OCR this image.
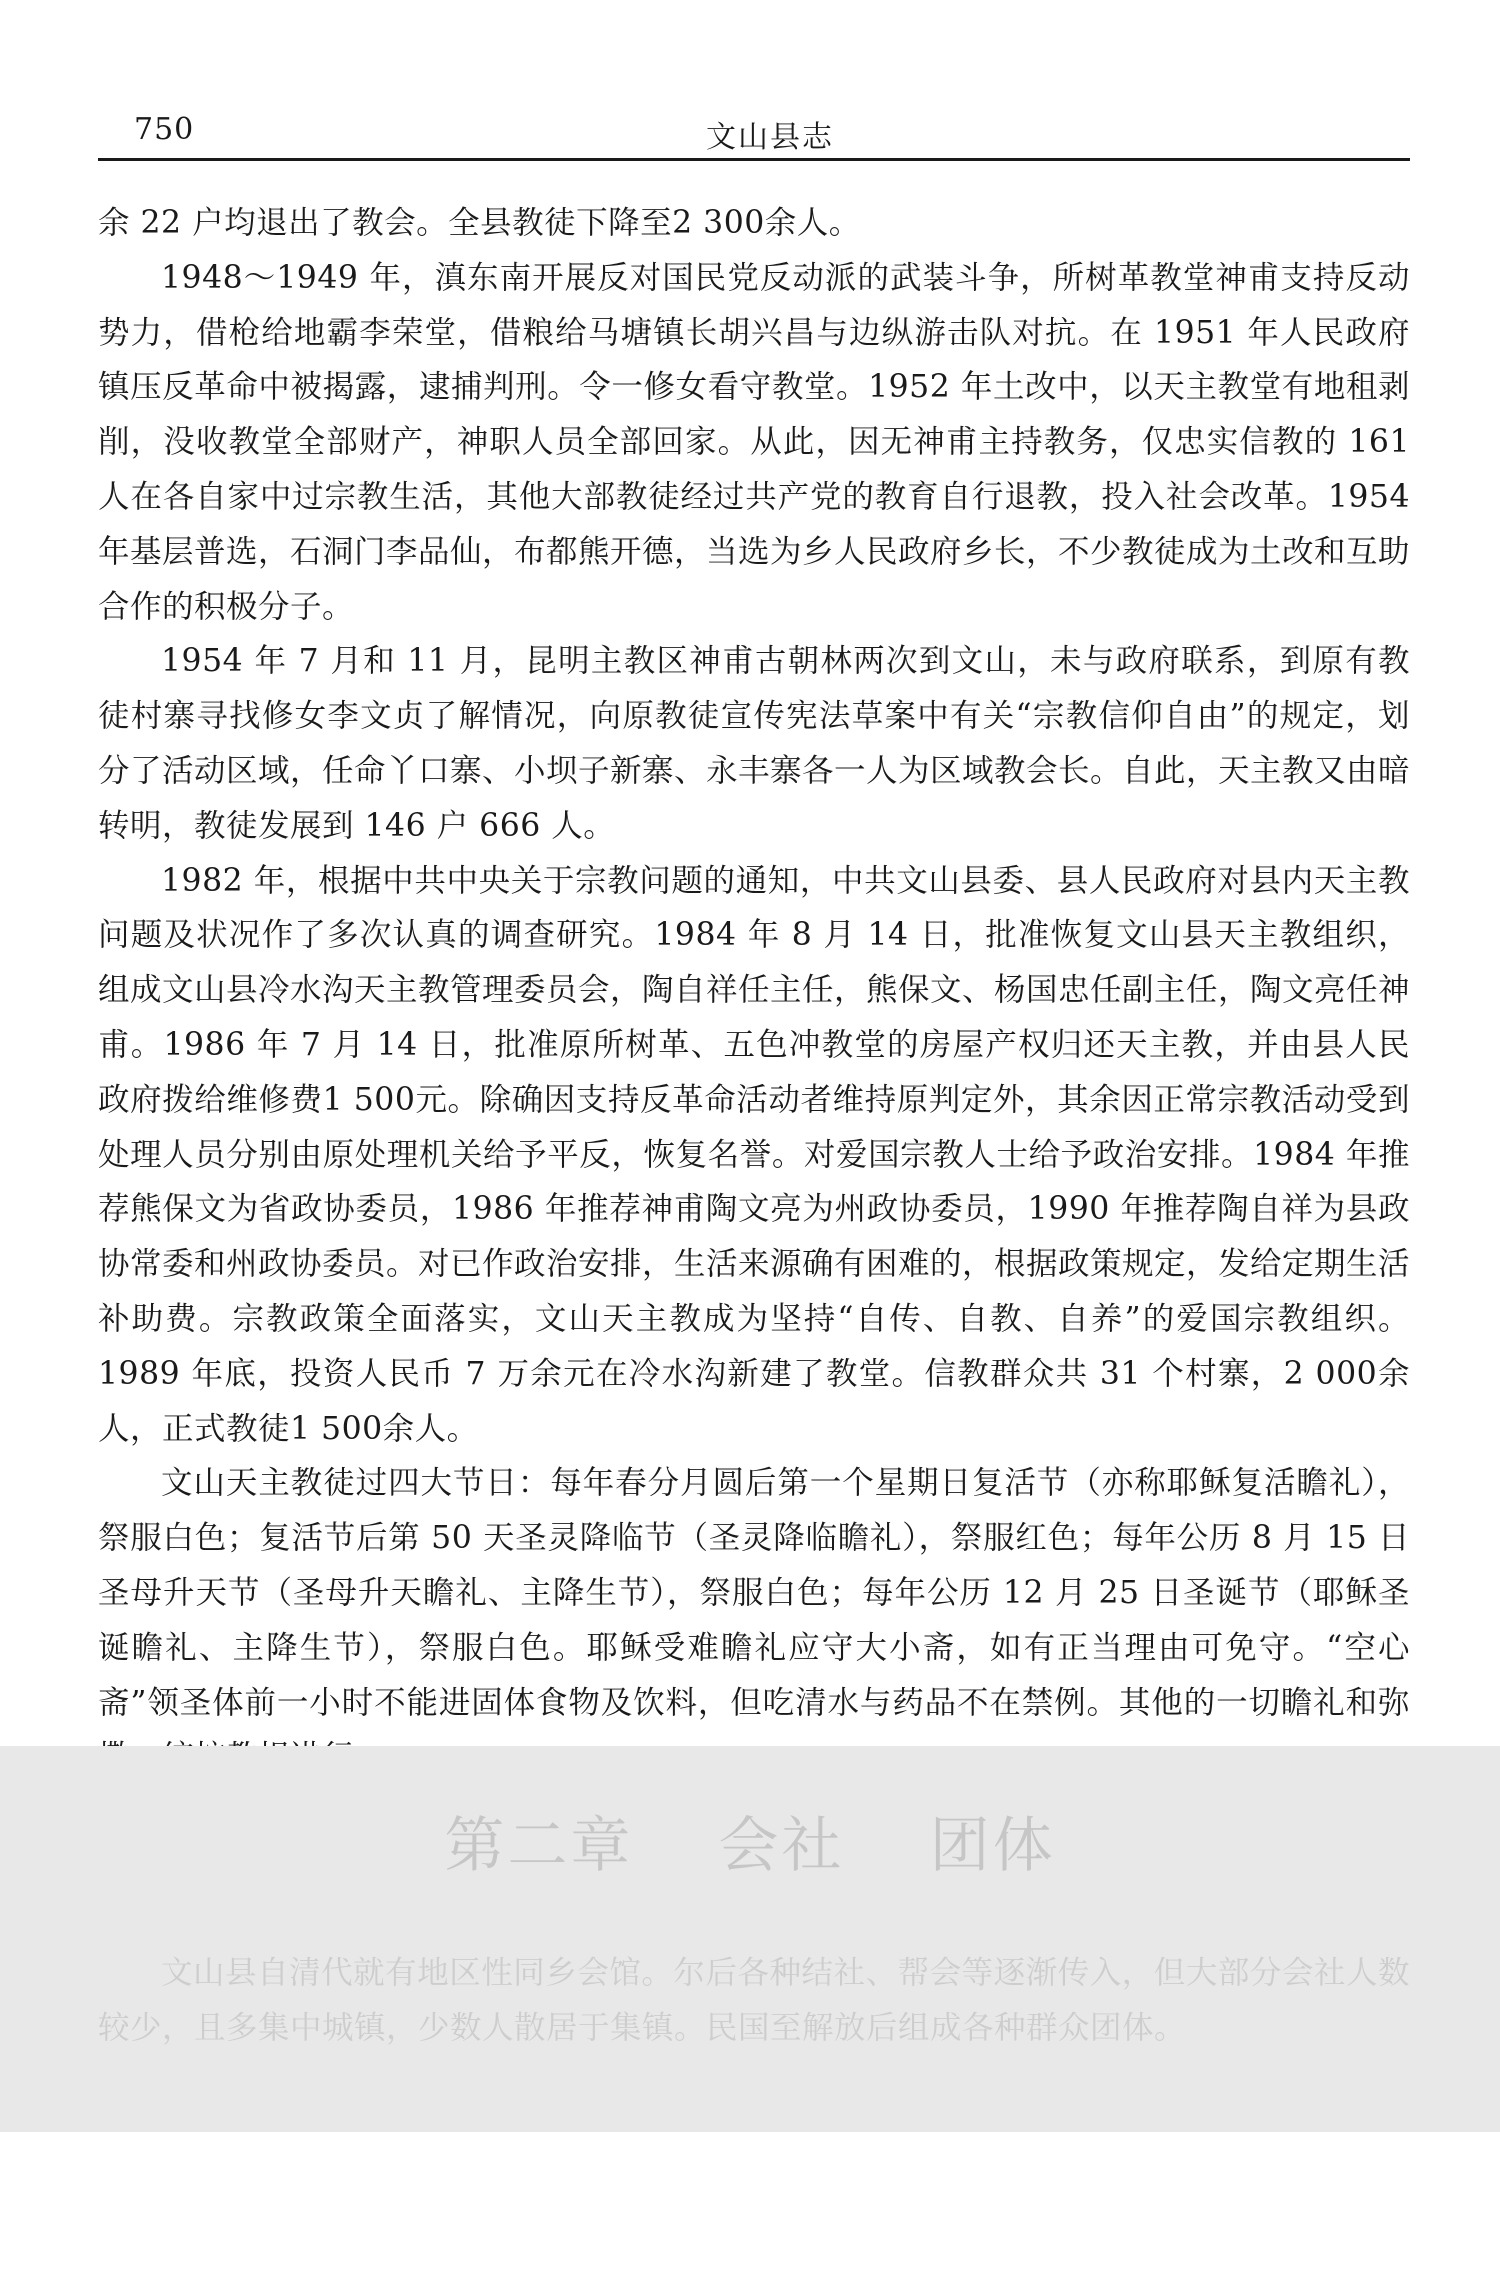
750	文山县志

余 22 户均退出了教会。全县教徒下降至2 300余人。

1948～1949 年，滇东南开展反对国民党反动派的武装斗争，所树革教堂神甫支持反动势力，借枪给地霸李荣堂，借粮给马塘镇长胡兴昌与边纵游击队对抗。在 1951 年人民政府镇压反革命中被揭露，逮捕判刑。令一修女看守教堂。1952 年土改中，以天主教堂有地租剥削，没收教堂全部财产，神职人员全部回家。从此，因无神甫主持教务，仅忠实信教的 161 人在各自家中过宗教生活，其他大部教徒经过共产党的教育自行退教，投入社会改革。1954 年基层普选，石洞门李品仙，布都熊开德，当选为乡人民政府乡长，不少教徒成为土改和互助合作的积极分子。

1954 年 7 月和 11 月，昆明主教区神甫古朝林两次到文山，未与政府联系，到原有教徒村寨寻找修女李文贞了解情况，向原教徒宣传宪法草案中有关“宗教信仰自由”的规定，划分了活动区域，任命丫口寨、小坝子新寨、永丰寨各一人为区域教会长。自此，天主教又由暗转明，教徒发展到 146 户 666 人。

1982 年，根据中共中央关于宗教问题的通知，中共文山县委、县人民政府对县内天主教问题及状况作了多次认真的调查研究。1984 年 8 月 14 日，批准恢复文山县天主教组织，组成文山县冷水沟天主教管理委员会，陶自祥任主任，熊保文、杨国忠任副主任，陶文亮任神甫。1986 年 7 月 14 日，批准原所树革、五色冲教堂的房屋产权归还天主教，并由县人民政府拨给维修费1 500元。除确因支持反革命活动者维持原判定外，其余因正常宗教活动受到处理人员分别由原处理机关给予平反，恢复名誉。对爱国宗教人士给予政治安排。1984 年推荐熊保文为省政协委员，1986 年推荐神甫陶文亮为州政协委员，1990 年推荐陶自祥为县政协常委和州政协委员。对已作政治安排，生活来源确有困难的，根据政策规定，发给定期生活补助费。宗教政策全面落实，文山天主教成为坚持“自传、自教、自养”的爱国宗教组织。1989 年底，投资人民币 7 万余元在冷水沟新建了教堂。信教群众共 31 个村寨，2 000余人，正式教徒1 500余人。

文山天主教徒过四大节日：每年春分月圆后第一个星期日复活节（亦称耶稣复活瞻礼），祭服白色；复活节后第 50 天圣灵降临节（圣灵降临瞻礼），祭服红色；每年公历 8 月 15 日圣母升天节（圣母升天瞻礼、主降生节），祭服白色；每年公历 12 月 25 日圣诞节（耶稣圣诞瞻礼、主降生节），祭服白色。耶稣受难瞻礼应守大小斋，如有正当理由可免守。“空心斋”领圣体前一小时不能进固体食物及饮料，但吃清水与药品不在禁例。其他的一切瞻礼和弥

第二章　 会社　 团体

文山县自清代就有地区性同乡会馆。尔后各种结社、帮会等逐渐传入，但大部分会社人数较少，且多集中城镇，少数人散居于集镇。民国至解放后组成各种群众团体。
